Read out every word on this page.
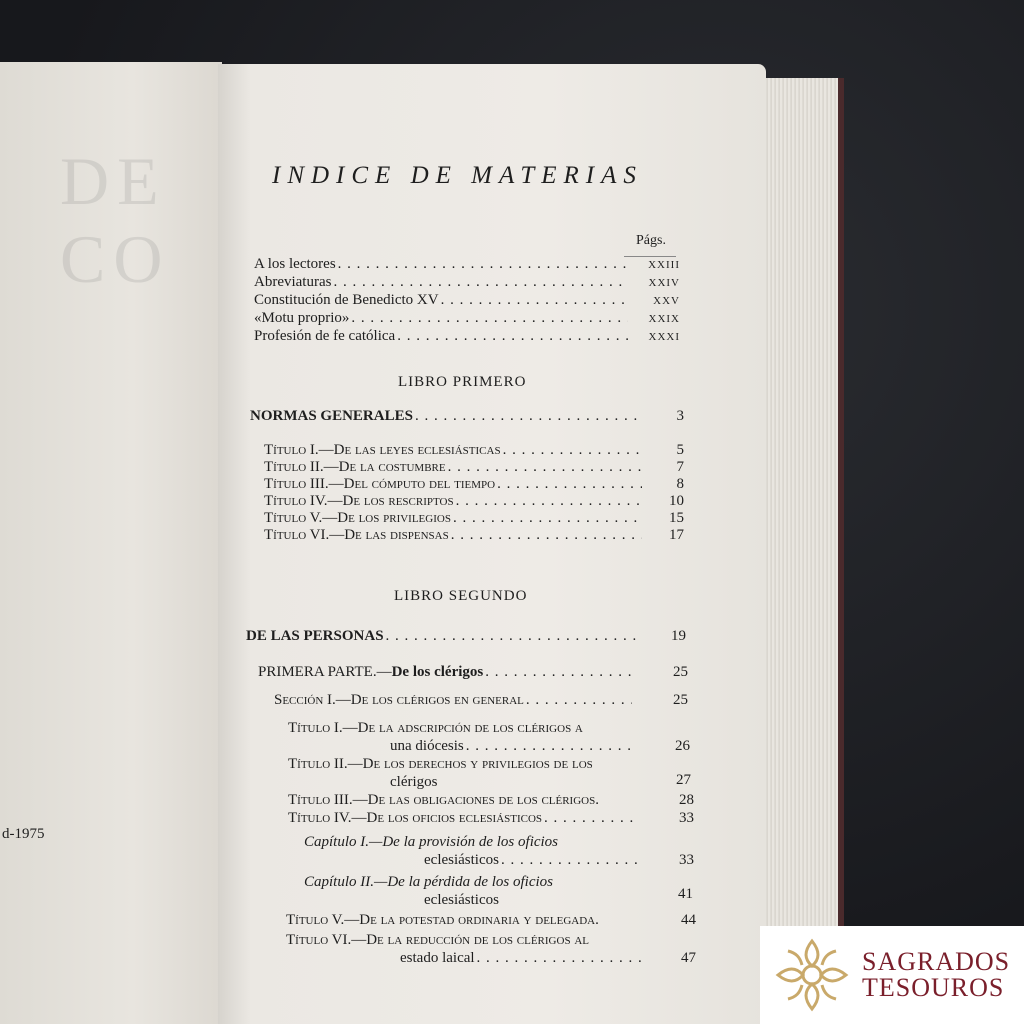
DE
CO

d-1975
INDICE DE MATERIAS
Págs.
A los lectores . . .	XXIII
Abreviaturas . . .	XXIV
Constitución de Benedicto XV . . .	XXV
«Motu proprio» . . .	XXIX
Profesión de fe católica . . .	XXXI
LIBRO PRIMERO
NORMAS GENERALES . . .	3
Título I.—De las leyes eclesiásticas . . .	5
Título II.—De la costumbre . . .	7
Título III.—Del cómputo del tiempo . . .	8
Título IV.—De los rescriptos . . .	10
Título V.—De los privilegios . . .	15
Título VI.—De las dispensas . . .	17
LIBRO SEGUNDO
DE LAS PERSONAS . . .	19
PRIMERA PARTE.— De los clérigos . . .	25
Sección I.—De los clérigos en general . . .	25
Título I.—De la adscripción de los clérigos a
una diócesis . . .	26
Título II.—De los derechos y privilegios de los
clérigos	27
Título III.—De las obligaciones de los clérigos.	28
Título IV.—De los oficios eclesiásticos . . .	33
Capítulo I.—De la provisión de los oficios
eclesiásticos . . .	33
Capítulo II.—De la pérdida de los oficios
eclesiásticos	41
Título V.—De la potestad ordinaria y delegada.	44
Título VI.—De la reducción de los clérigos al
estado laical . . .	47	SAGRADOS
TESOUROS
